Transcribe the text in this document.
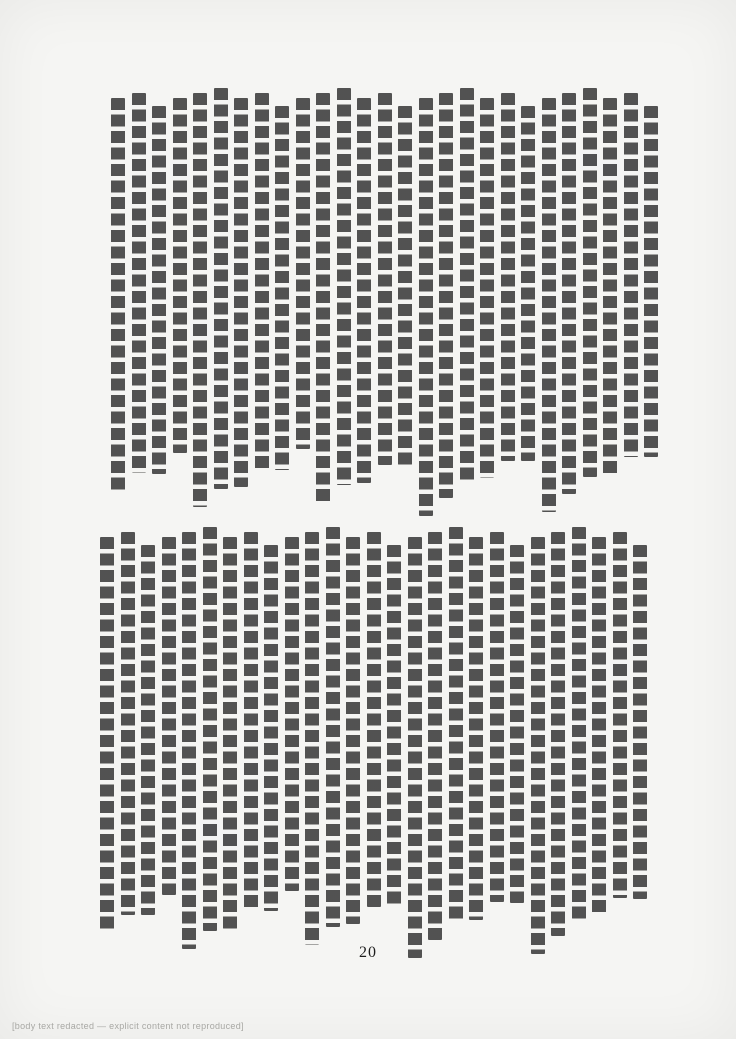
20
[body text redacted — explicit content not reproduced]
